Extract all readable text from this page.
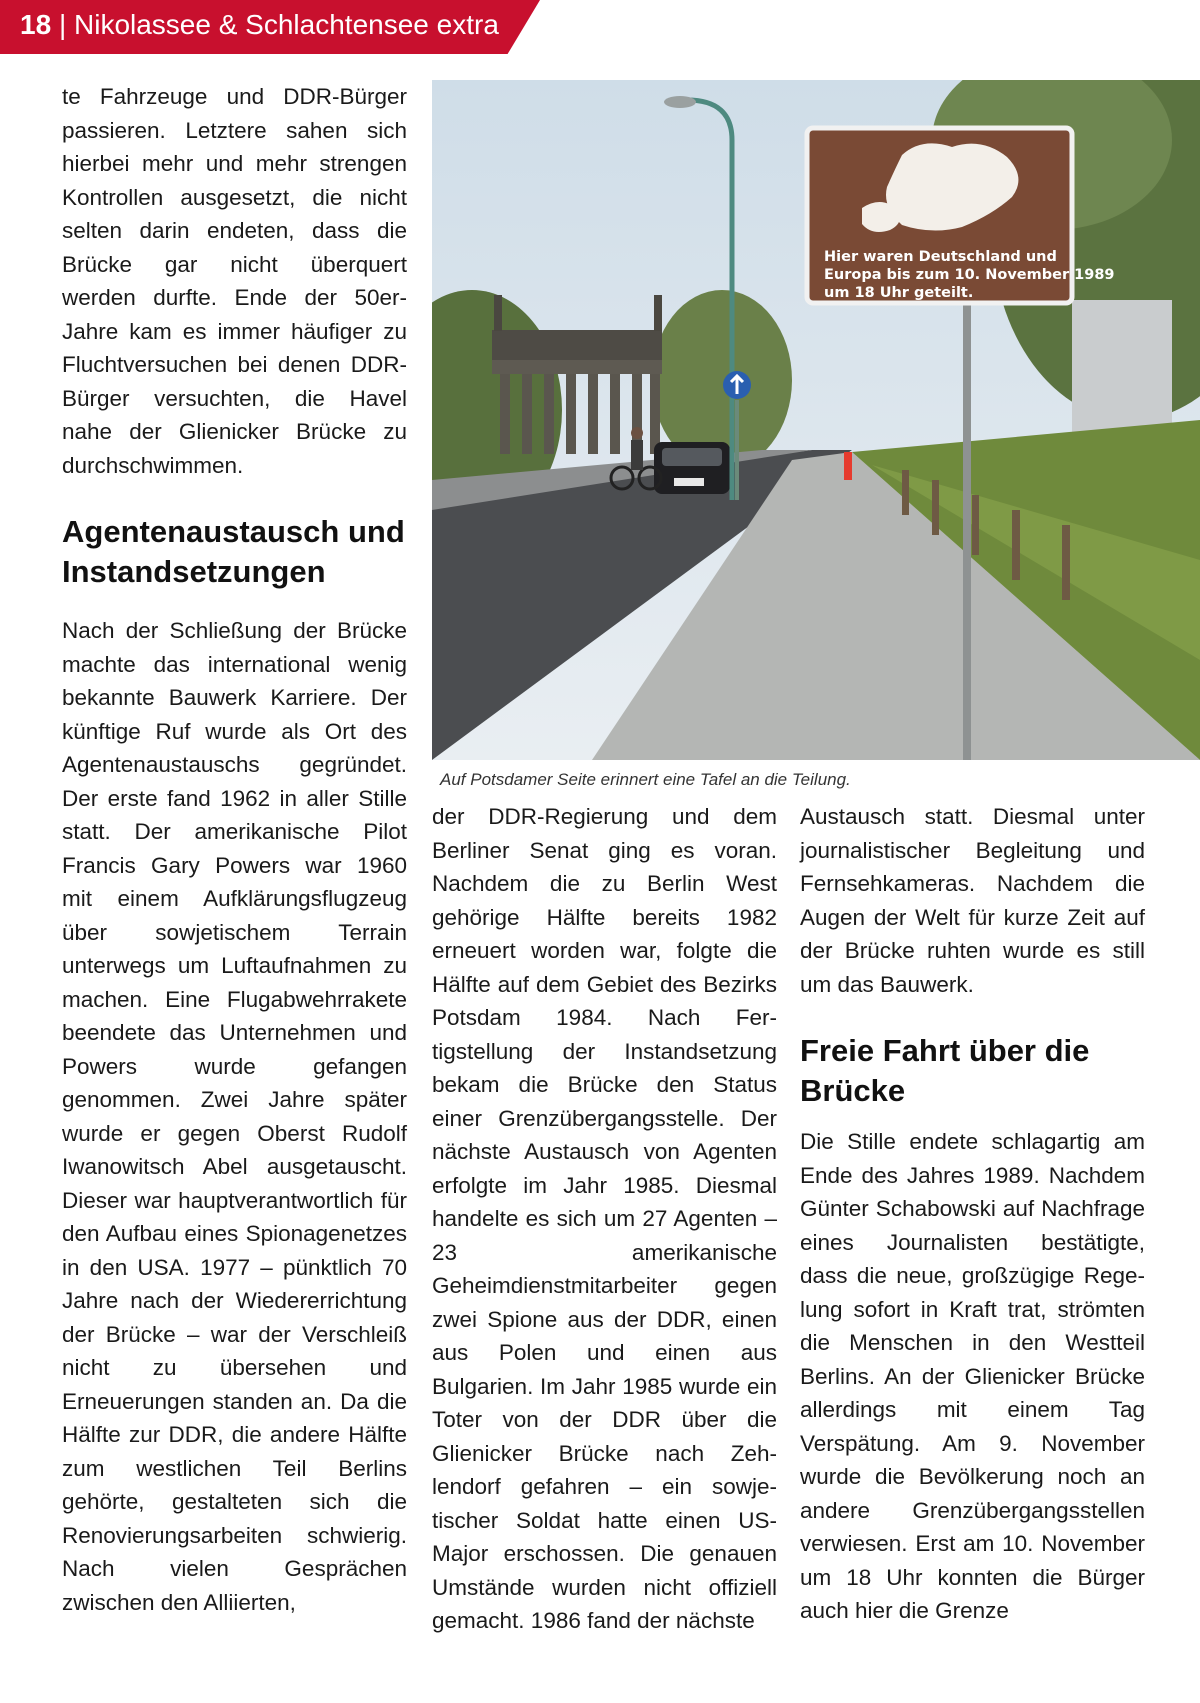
18 | Nikolassee & Schlachtensee extra

te Fahrzeuge und DDR-Bürger passieren. Letztere sahen sich hierbei mehr und mehr strengen Kontrollen ausgesetzt, die nicht selten darin endeten, dass die Brücke gar nicht überquert werden durfte. Ende der 50er-Jahre kam es immer häufiger zu Fluchtversuchen bei denen DDR-Bürger versuchten, die Havel nahe der Glienicker Brücke zu durchschwimmen.

Agentenaustausch und Instandsetzungen

Nach der Schließung der Brücke machte das international wenig bekannte Bauwerk Karriere. Der künftige Ruf wurde als Ort des Agentenaustauschs gegründet. Der erste fand 1962 in aller Stille statt. Der amerikanische Pilot Francis Gary Powers war 1960 mit einem Aufklärungsflugzeug über sowjetischem Terrain unterwegs um Luftaufnahmen zu machen. Eine Flugabwehrrakete beendete das Unternehmen und Powers wurde gefangen genommen. Zwei Jahre später wurde er gegen Oberst Rudolf Iwanowitsch Abel ausgetauscht. Dieser war hauptverantwortlich für den Aufbau eines Spionagenetzes in den USA. 1977 – pünktlich 70 Jahre nach der Wiedererrichtung der Brücke – war der Verschleiß nicht zu übersehen und Erneuerungen standen an. Da die Hälfte zur DDR, die andere Hälfte zum westlichen Teil Berlins gehörte, gestalteten sich die Renovierungsarbeiten schwierig. Nach vielen Gesprächen zwischen den Alliierten,

Hier waren Deutschland und
Europa bis zum 10. November 1989
um 18 Uhr geteilt.
Auf Potsdamer Seite erinnert eine Tafel an die Teilung.

der DDR-Regierung und dem Berliner Senat ging es voran. Nachdem die zu Berlin West gehörige Hälfte bereits 1982 erneuert worden war, folgte die Hälfte auf dem Gebiet des Bezirks Potsdam 1984. Nach Fertigstellung der Instandsetzung bekam die Brücke den Status einer Grenzübergangsstelle. Der nächste Austausch von Agenten erfolgte im Jahr 1985. Diesmal handelte es sich um 27 Agenten – 23 amerikanische Geheimdienstmitarbeiter gegen zwei Spione aus der DDR, einen aus Polen und einen aus Bulgarien. Im Jahr 1985 wurde ein Toter von der DDR über die Glienicker Brücke nach Zehlendorf gefahren – ein sowjetischer Soldat hatte einen US-Major erschossen. Die genauen Umstände wurden nicht offiziell gemacht. 1986 fand der nächste

Austausch statt. Diesmal unter journalistischer Begleitung und Fernsehkameras. Nachdem die Augen der Welt für kurze Zeit auf der Brücke ruhten wurde es still um das Bauwerk.

Freie Fahrt über die Brücke

Die Stille endete schlagartig am Ende des Jahres 1989. Nachdem Günter Schabowski auf Nachfrage eines Journalisten bestätigte, dass die neue, großzügige Regelung sofort in Kraft trat, strömten die Menschen in den Westteil Berlins. An der Glienicker Brücke allerdings mit einem Tag Verspätung. Am 9. November wurde die Bevölkerung noch an andere Grenzübergangsstellen verwiesen. Erst am 10. November um 18 Uhr konnten die Bürger auch hier die Grenze
